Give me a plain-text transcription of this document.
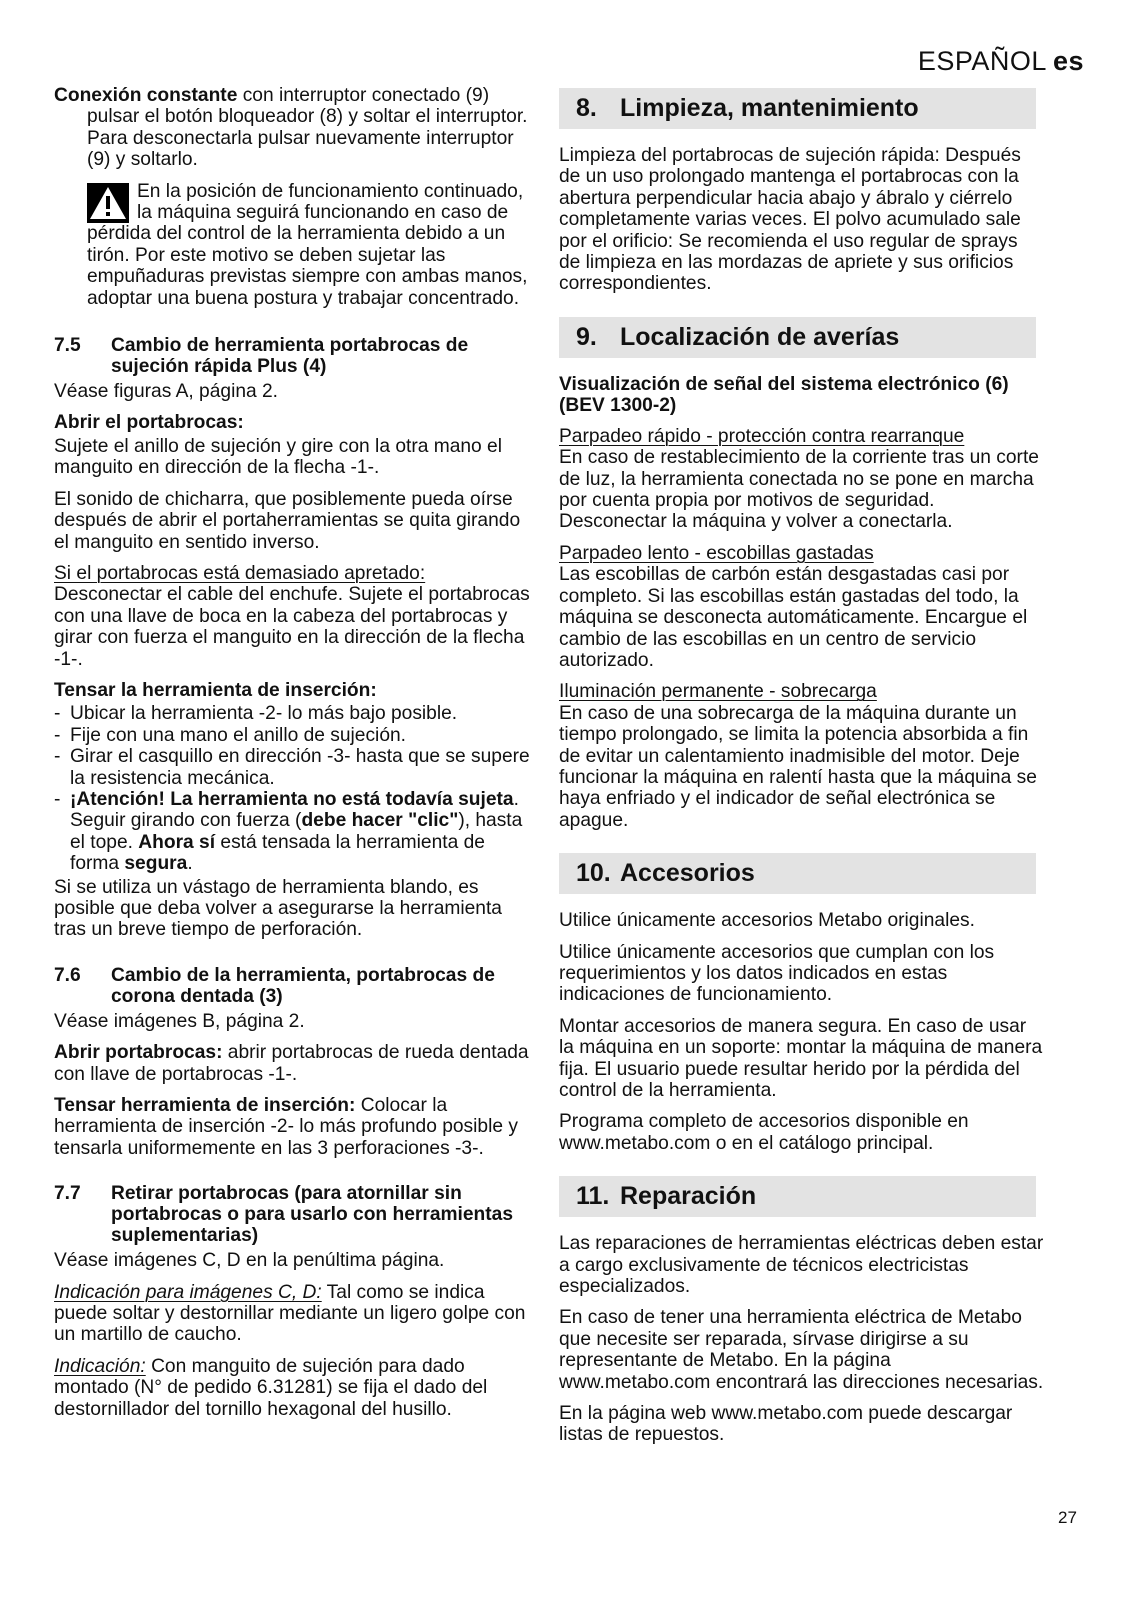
ESPAÑOL es

Conexión constante con interruptor conectado (9) pulsar el botón bloqueador (8) y soltar el interruptor. Para desconectarla pulsar nuevamente interruptor (9) y soltarlo.

En la posición de funcionamiento continuado, la máquina seguirá funcionando en caso de pérdida del control de la herramienta debido a un tirón. Por este motivo se deben sujetar las empuñaduras previstas siempre con ambas manos, adoptar una buena postura y trabajar concentrado.
7.5	Cambio de herramienta portabrocas de sujeción rápida Plus (4)

Véase figuras A, página 2.

Abrir el portabrocas:

Sujete el anillo de sujeción y gire con la otra mano el manguito en dirección de la flecha -1-.

El sonido de chicharra, que posiblemente pueda oírse después de abrir el portaherramientas se quita girando el manguito en sentido inverso.

Si el portabrocas está demasiado apretado: Desconectar el cable del enchufe. Sujete el portabrocas con una llave de boca en la cabeza del portabrocas y girar con fuerza el manguito en la dirección de la flecha -1-.

Tensar la herramienta de inserción:

- Ubicar la herramienta -2- lo más bajo posible.
- Fije con una mano el anillo de sujeción.
- Girar el casquillo en dirección -3- hasta que se supere la resistencia mecánica.
- ¡Atención! La herramienta no está todavía sujeta. Seguir girando con fuerza (debe hacer "clic"), hasta el tope. Ahora sí está tensada la herramienta de forma segura.

Si se utiliza un vástago de herramienta blando, es posible que deba volver a asegurarse la herramienta tras un breve tiempo de perforación.

7.6	Cambio de la herramienta, portabrocas de corona dentada (3)

Véase imágenes B, página 2.

Abrir portabrocas: abrir portabrocas de rueda dentada con llave de portabrocas -1-.

Tensar herramienta de inserción: Colocar la herramienta de inserción -2- lo más profundo posible y tensarla uniformemente en las 3 perforaciones -3-.

7.7	Retirar portabrocas (para atornillar sin portabrocas o para usarlo con herramientas suplementarias)

Véase imágenes C, D en la penúltima página.

Indicación para imágenes C, D: Tal como se indica puede soltar y destornillar mediante un ligero golpe con un martillo de caucho.

Indicación: Con manguito de sujeción para dado montado (N° de pedido 6.31281) se fija el dado del destornillador del tornillo hexagonal del husillo.

8. Limpieza, mantenimiento

Limpieza del portabrocas de sujeción rápida: Después de un uso prolongado mantenga el portabrocas con la abertura perpendicular hacia abajo y ábralo y ciérrelo completamente varias veces. El polvo acumulado sale por el orificio: Se recomienda el uso regular de sprays de limpieza en las mordazas de apriete y sus orificios correspondientes.

9. Localización de averías

Visualización de señal del sistema electrónico (6) (BEV 1300-2)

Parpadeo rápido - protección contra rearranque
En caso de restablecimiento de la corriente tras un corte de luz, la herramienta conectada no se pone en marcha por cuenta propia por motivos de seguridad. Desconectar la máquina y volver a conectarla.

Parpadeo lento - escobillas gastadas
Las escobillas de carbón están desgastadas casi por completo. Si las escobillas están gastadas del todo, la máquina se desconecta automáticamente. Encargue el cambio de las escobillas en un centro de servicio autorizado.

Iluminación permanente - sobrecarga
En caso de una sobrecarga de la máquina durante un tiempo prolongado, se limita la potencia absorbida a fin de evitar un calentamiento inadmisible del motor. Deje funcionar la máquina en ralentí hasta que la máquina se haya enfriado y el indicador de señal electrónica se apague.

10. Accesorios

Utilice únicamente accesorios Metabo originales.

Utilice únicamente accesorios que cumplan con los requerimientos y los datos indicados en estas indicaciones de funcionamiento.

Montar accesorios de manera segura. En caso de usar la máquina en un soporte: montar la máquina de manera fija. El usuario puede resultar herido por la pérdida del control de la herramienta.

Programa completo de accesorios disponible en www.metabo.com o en el catálogo principal.

11. Reparación

Las reparaciones de herramientas eléctricas deben estar a cargo exclusivamente de técnicos electricistas especializados.

En caso de tener una herramienta eléctrica de Metabo que necesite ser reparada, sírvase dirigirse a su representante de Metabo. En la página www.metabo.com encontrará las direcciones necesarias.

En la página web www.metabo.com puede descargar listas de repuestos.

27
